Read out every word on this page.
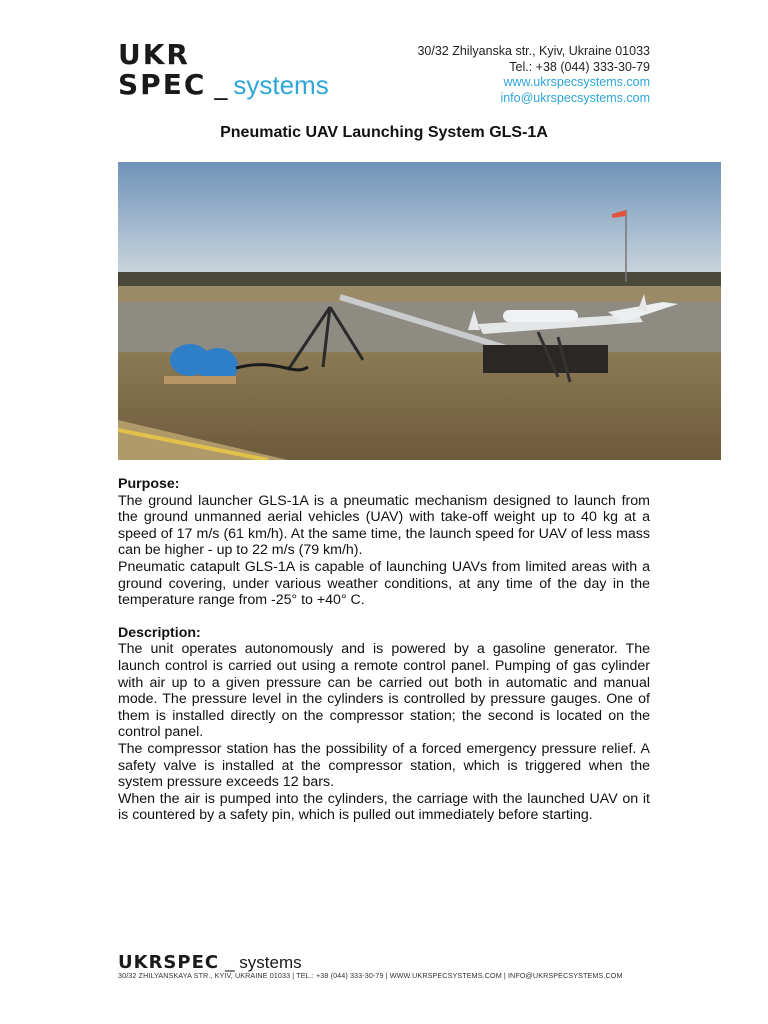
UKR
SPEC _ systems
30/32 Zhilyanska str., Kyiv, Ukraine 01033
Tel.: +38 (044) 333-30-79
www.ukrspecsystems.com
info@ukrspecsystems.com
Pneumatic UAV Launching System GLS-1A

Purpose:

The ground launcher GLS-1A is a pneumatic mechanism designed to launch from the ground unmanned aerial vehicles (UAV) with take-off weight up to 40 kg at a speed of 17 m/s (61 km/h). At the same time, the launch speed for UAV of less mass can be higher - up to 22 m/s (79 km/h).

Pneumatic catapult GLS-1A is capable of launching UAVs from limited areas with a ground covering, under various weather conditions, at any time of the day in the temperature range from -25° to +40° C.

Description:

The unit operates autonomously and is powered by a gasoline generator. The launch control is carried out using a remote control panel. Pumping of gas cylinder with air up to a given pressure can be carried out both in automatic and manual mode. The pressure level in the cylinders is controlled by pressure gauges. One of them is installed directly on the compressor station; the second is located on the control panel.

The compressor station has the possibility of a forced emergency pressure relief. A safety valve is installed at the compressor station, which is triggered when the system pressure exceeds 12 bars.

When the air is pumped into the cylinders, the carriage with the launched UAV on it is countered by a safety pin, which is pulled out immediately before starting.

UKRSPEC _ systems
30/32 ZHILYANSKAYA STR., KYIV, UKRAINE 01033 | TEL.: +38 (044) 333-30-79 | WWW.UKRSPECSYSTEMS.COM | INFO@UKRSPECSYSTEMS.COM
